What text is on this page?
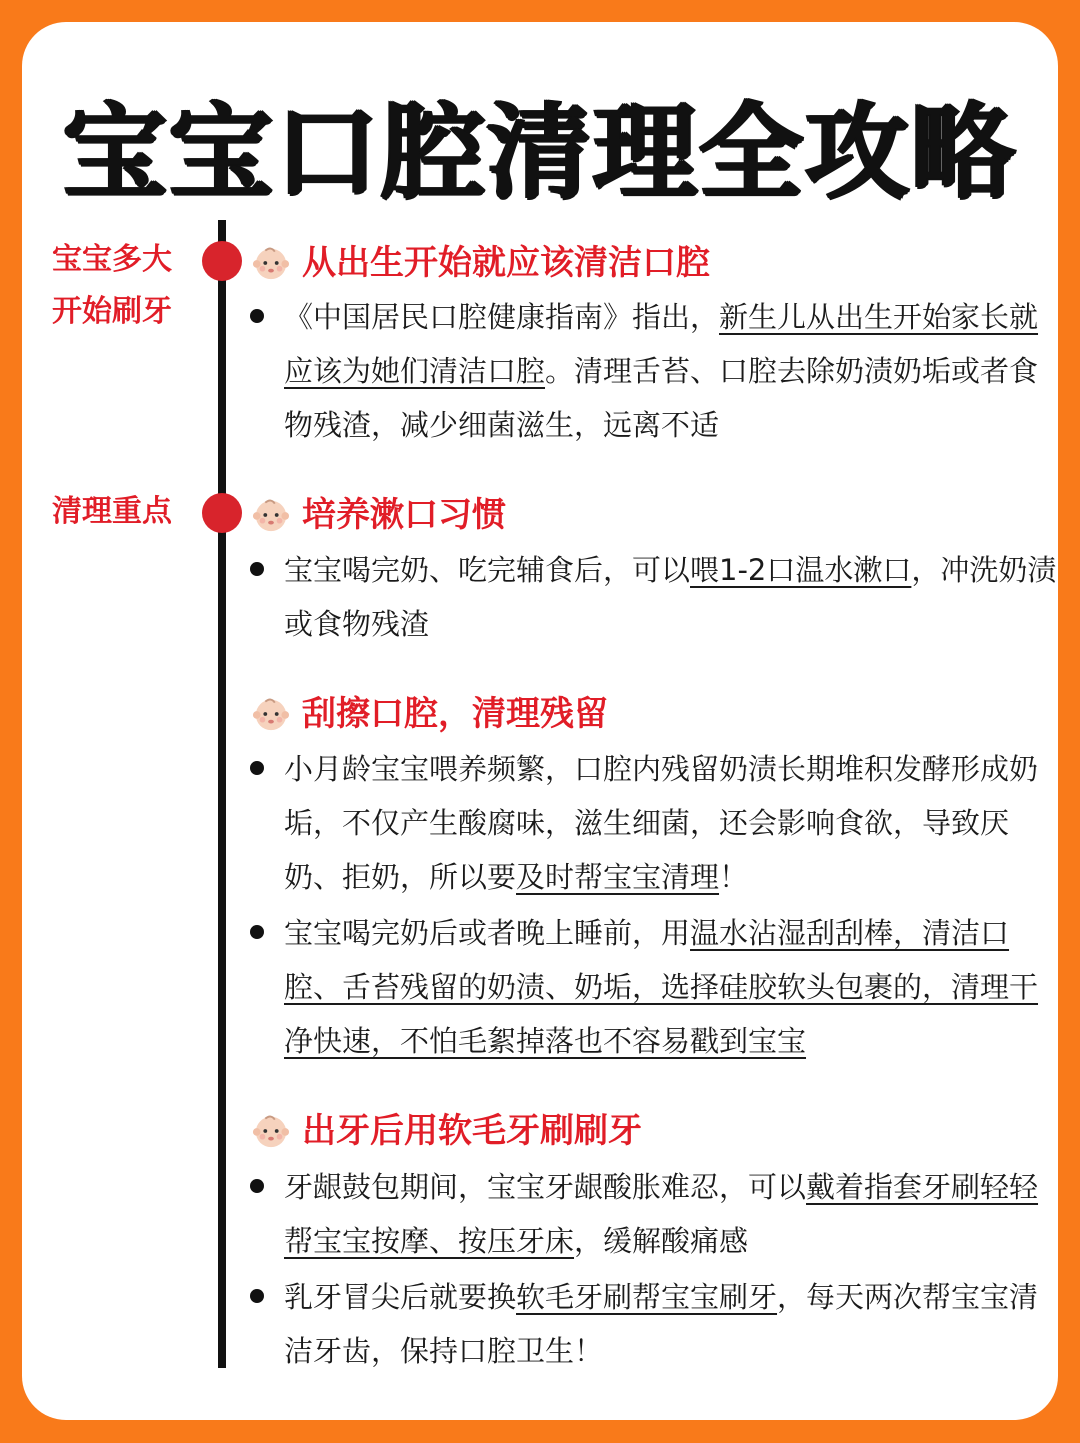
宝宝口腔清理全攻略
宝宝多大
开始刷牙
清理重点
从出生开始就应该清洁口腔
《中国居民口腔健康指南》指出，新生儿从出生开始家长就应该为她们清洁口腔。清理舌苔、口腔去除奶渍奶垢或者食物残渣，减少细菌滋生，远离不适
培养漱口习惯
宝宝喝完奶、吃完辅食后，可以喂1-2口温水漱口，冲洗奶渍或食物残渣
刮擦口腔，清理残留
小月龄宝宝喂养频繁，口腔内残留奶渍长期堆积发酵形成奶垢，不仅产生酸腐味，滋生细菌，还会影响食欲，导致厌奶、拒奶，所以要及时帮宝宝清理！
宝宝喝完奶后或者晚上睡前，用温水沾湿刮刮棒，清洁口腔、舌苔残留的奶渍、奶垢，选择硅胶软头包裹的，清理干净快速，不怕毛絮掉落也不容易戳到宝宝
出牙后用软毛牙刷刷牙
牙龈鼓包期间，宝宝牙龈酸胀难忍，可以戴着指套牙刷轻轻帮宝宝按摩、按压牙床，缓解酸痛感
乳牙冒尖后就要换软毛牙刷帮宝宝刷牙，每天两次帮宝宝清洁牙齿，保持口腔卫生！
